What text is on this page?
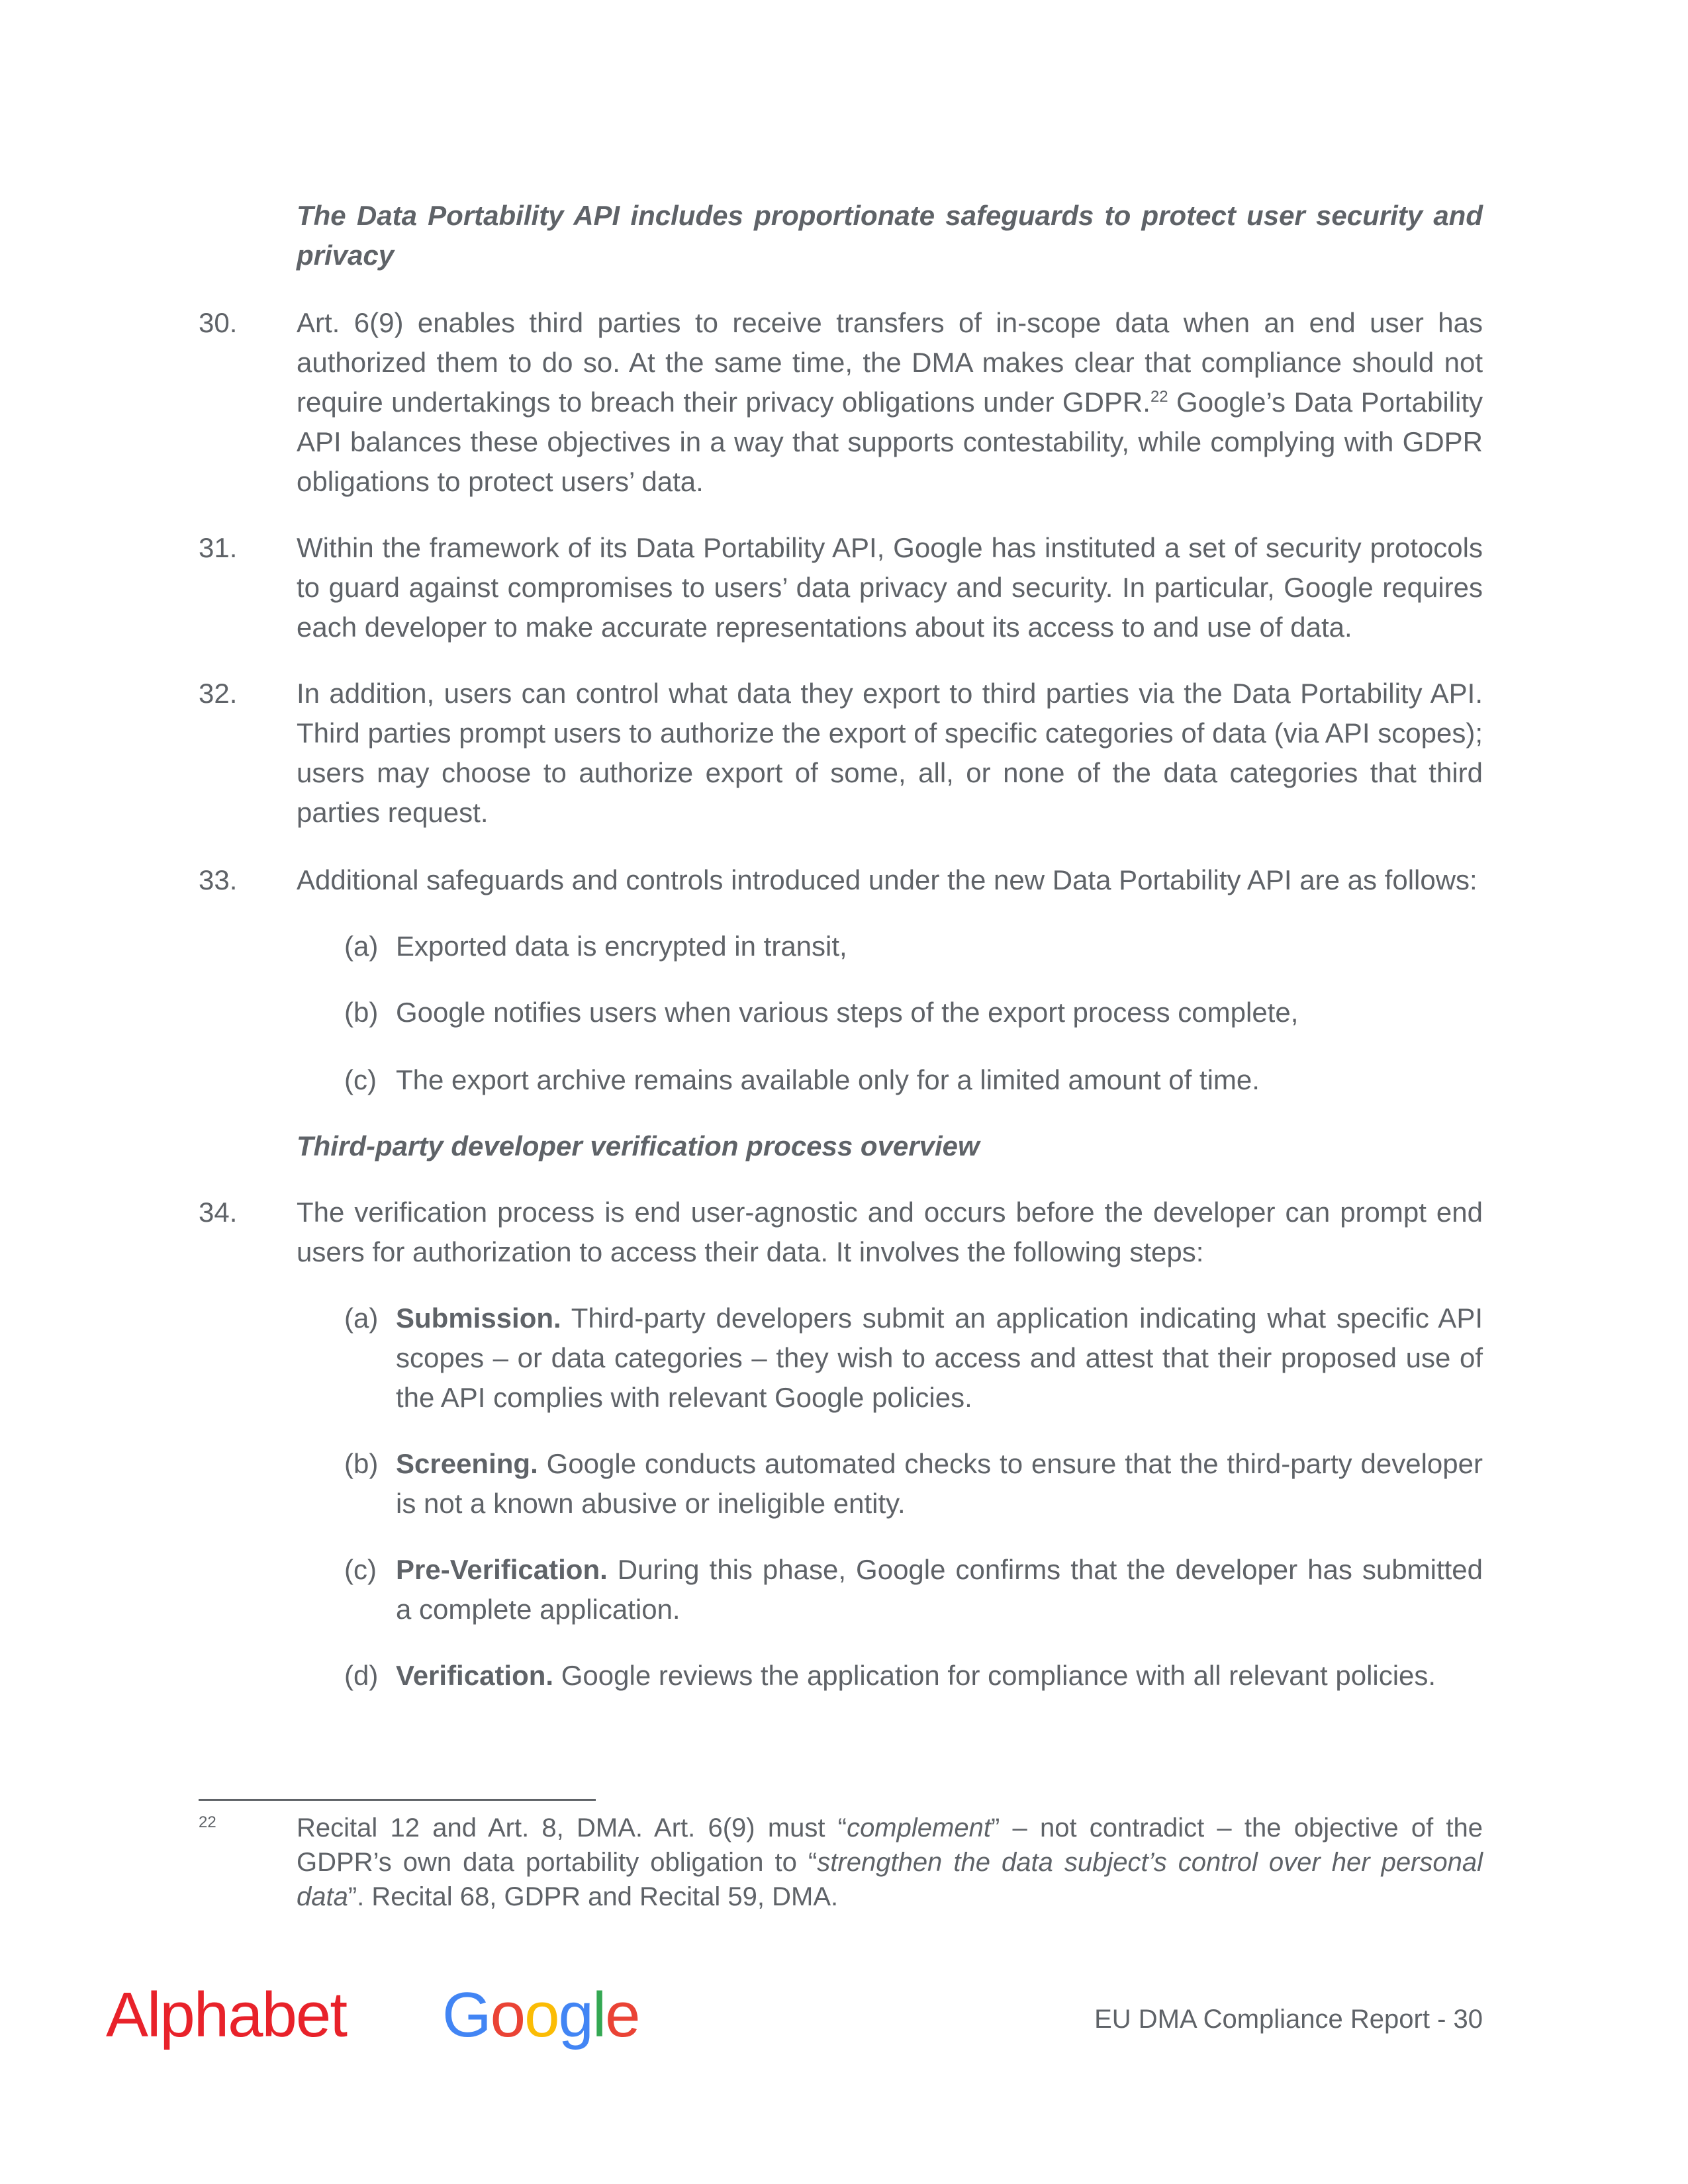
The Data Portability API includes proportionate safeguards to protect user security and privacy

30. Art. 6(9) enables third parties to receive transfers of in-scope data when an end user has authorized them to do so. At the same time, the DMA makes clear that compliance should not require undertakings to breach their privacy obligations under GDPR.$^{22}$ Google’s Data Portability API balances these objectives in a way that supports contestability, while complying with GDPR obligations to protect users’ data.
31. Within the framework of its Data Portability API, Google has instituted a set of security protocols to guard against compromises to users’ data privacy and security. In particular, Google requires each developer to make accurate representations about its access to and use of data.
32. In addition, users can control what data they export to third parties via the Data Portability API. Third parties prompt users to authorize the export of specific categories of data (via API scopes); users may choose to authorize export of some, all, or none of the data categories that third parties request.
33. Additional safeguards and controls introduced under the new Data Portability API are as follows:
(a) Exported data is encrypted in transit,
(b) Google notifies users when various steps of the export process complete,
(c) The export archive remains available only for a limited amount of time.

Third-party developer verification process overview

34. The verification process is end user-agnostic and occurs before the developer can prompt end users for authorization to access their data. It involves the following steps:
(a) Submission. Third-party developers submit an application indicating what specific API scopes – or data categories – they wish to access and attest that their proposed use of the API complies with relevant Google policies.
(b) Screening. Google conducts automated checks to ensure that the third-party developer is not a known abusive or ineligible entity.
(c) Pre-Verification. During this phase, Google confirms that the developer has submitted a complete application.
(d) Verification. Google reviews the application for compliance with all relevant policies.
22	Recital 12 and Art. 8, DMA. Art. 6(9) must “complement” – not contradict – the objective of the GDPR’s own data portability obligation to “strengthen the data subject’s control over her personal data”. Recital 68, GDPR and Recital 59, DMA.
Alphabet Google	EU DMA Compliance Report - 30
